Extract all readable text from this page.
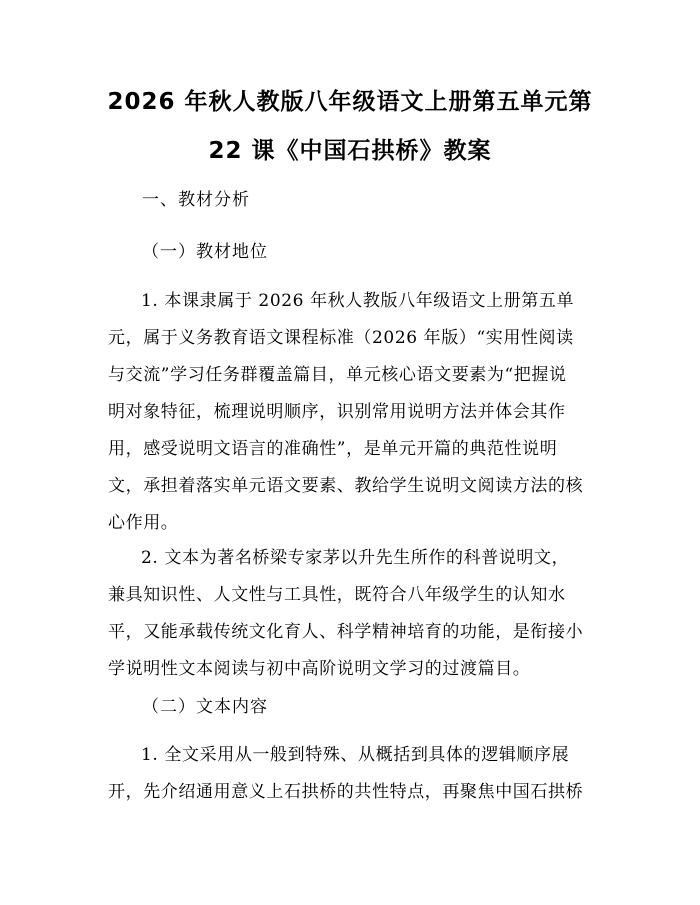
2026 年秋人教版八年级语文上册第五单元第
22 课《中国石拱桥》教案
一、教材分析
（一）教材地位
1. 本课隶属于 2026 年秋人教版八年级语文上册第五单
元，属于义务教育语文课程标准（2026 年版）“实用性阅读
与交流”学习任务群覆盖篇目，单元核心语文要素为“把握说
明对象特征，梳理说明顺序，识别常用说明方法并体会其作
用，感受说明文语言的准确性”，是单元开篇的典范性说明
文，承担着落实单元语文要素、教给学生说明文阅读方法的核
心作用。
2. 文本为著名桥梁专家茅以升先生所作的科普说明文，
兼具知识性、人文性与工具性，既符合八年级学生的认知水
平，又能承载传统文化育人、科学精神培育的功能，是衔接小
学说明性文本阅读与初中高阶说明文学习的过渡篇目。
（二）文本内容
1. 全文采用从一般到特殊、从概括到具体的逻辑顺序展
开，先介绍通用意义上石拱桥的共性特点，再聚焦中国石拱桥
